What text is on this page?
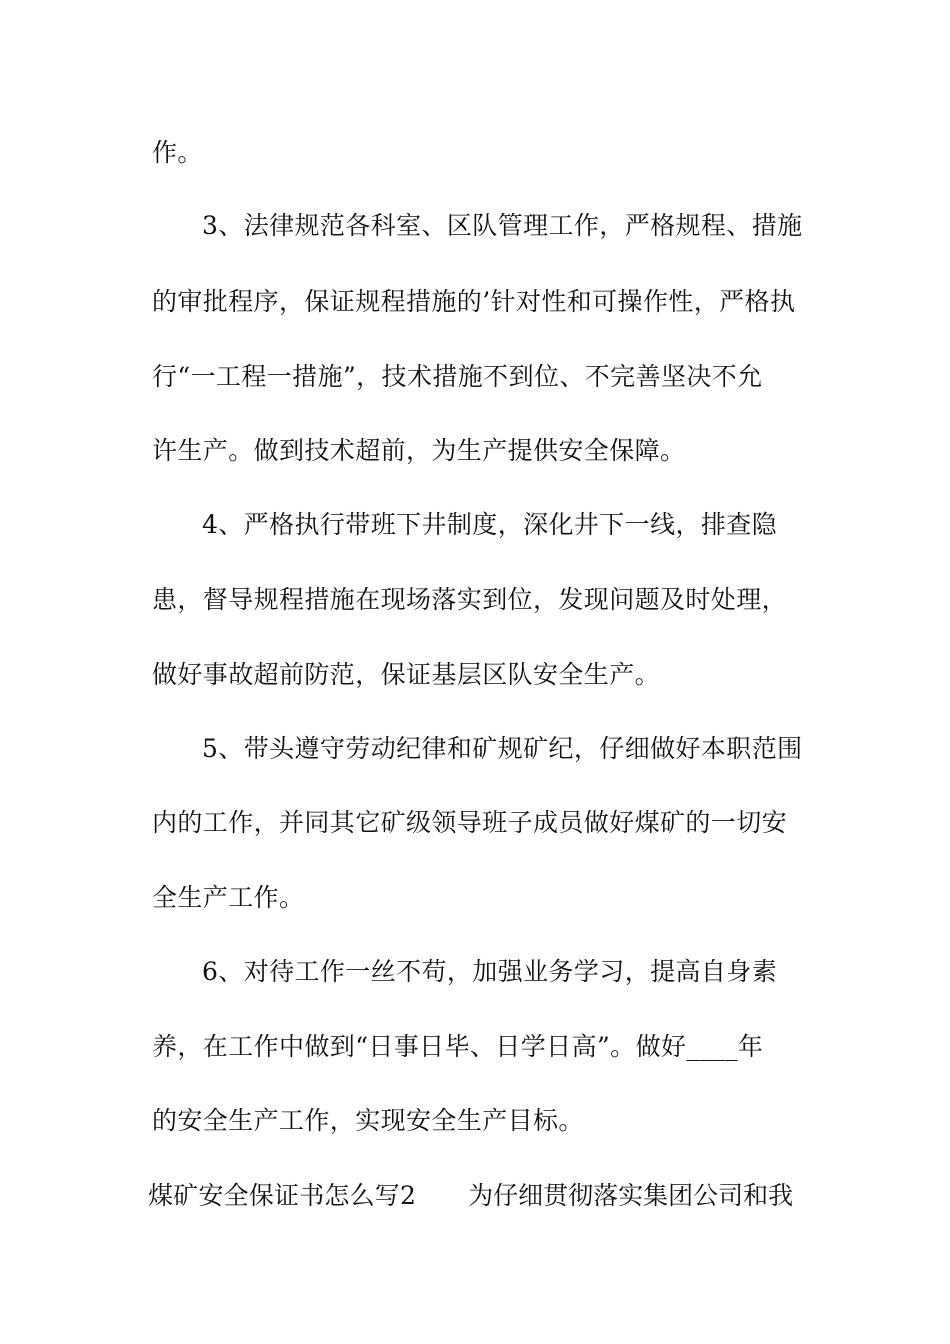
作。
3、法律规范各科室、区队管理工作，严格规程、措施
的审批程序，保证规程措施的’针对性和可操作性，严格执
行“一工程一措施”，技术措施不到位、不完善坚决不允
许生产。做到技术超前，为生产提供安全保障。
4、严格执行带班下井制度，深化井下一线，排查隐
患，督导规程措施在现场落实到位，发现问题及时处理，
做好事故超前防范，保证基层区队安全生产。
5、带头遵守劳动纪律和矿规矿纪，仔细做好本职范围
内的工作，并同其它矿级领导班子成员做好煤矿的一切安
全生产工作。
6、对待工作一丝不苟，加强业务学习，提高自身素
养，在工作中做到“日事日毕、日学日高”。做好____年
的安全生产工作，实现安全生产目标。
煤矿安全保证书怎么写2 为仔细贯彻落实集团公司和我
